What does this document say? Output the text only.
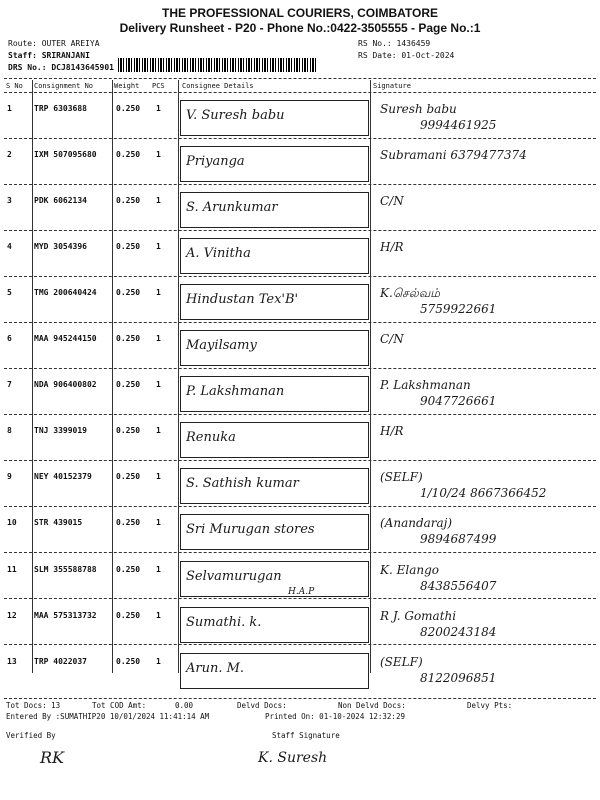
THE PROFESSIONAL COURIERS, COIMBATORE
Delivery Runsheet - P20 - Phone No.:0422-3505555 - Page No.:1
Route: OUTER AREIYA
Staff: SRIRANJANI
DRS No.: DCJ8143645901
RS No.: 1436459
RS Date: 01-Oct-2024
S No Consignment No	Weight PCS Consignee Details	Signature
1	TRP 6303688	0.250 1 V. Suresh babu	Suresh babu
9994461925
2	IXM 507095680 0.250 1 Priyanga	Subramani 6379477374
3	PDK 6062134	0.250 1 S. Arunkumar	C/N
4	MYD 3054396	0.250 1 A. Vinitha	H/R
5	TMG 200640424 0.250 1 Hindustan Tex'B'	K.செல்வம்
5759922661
6	MAA 945244150 0.250 1 Mayilsamy	C/N
7	NDA 906400802 0.250 1 P. Lakshmanan	P. Lakshmanan
9047726661
8	TNJ 3399019	0.250 1 Renuka	H/R
9	NEY 40152379	0.250 1 S. Sathish kumar	(SELF)
1/10/24 8667366452
10 STR 439015	0.250 1 Sri Murugan stores	(Anandaraj)
9894687499
11 SLM 355588788 0.250 1 Selvamurugan	K. Elango
8438556407
12 MAA 575313732 0.250 1 Sumathi. k.	R J. Gomathi
8200243184
13 TRP 4022037	0.250 1 Arun. M.	(SELF)
8122096851
H.A.P
Tot Docs: 13	Tot COD Amt:	0.00	Delvd Docs:	Non Delvd Docs:	Delvy Pts:
Entered By :SUMATHIP20 10/01/2024 11:41:14 AM	Printed On: 01-10-2024 12:32:29
Verified By	Staff Signature
RK	K. Suresh
